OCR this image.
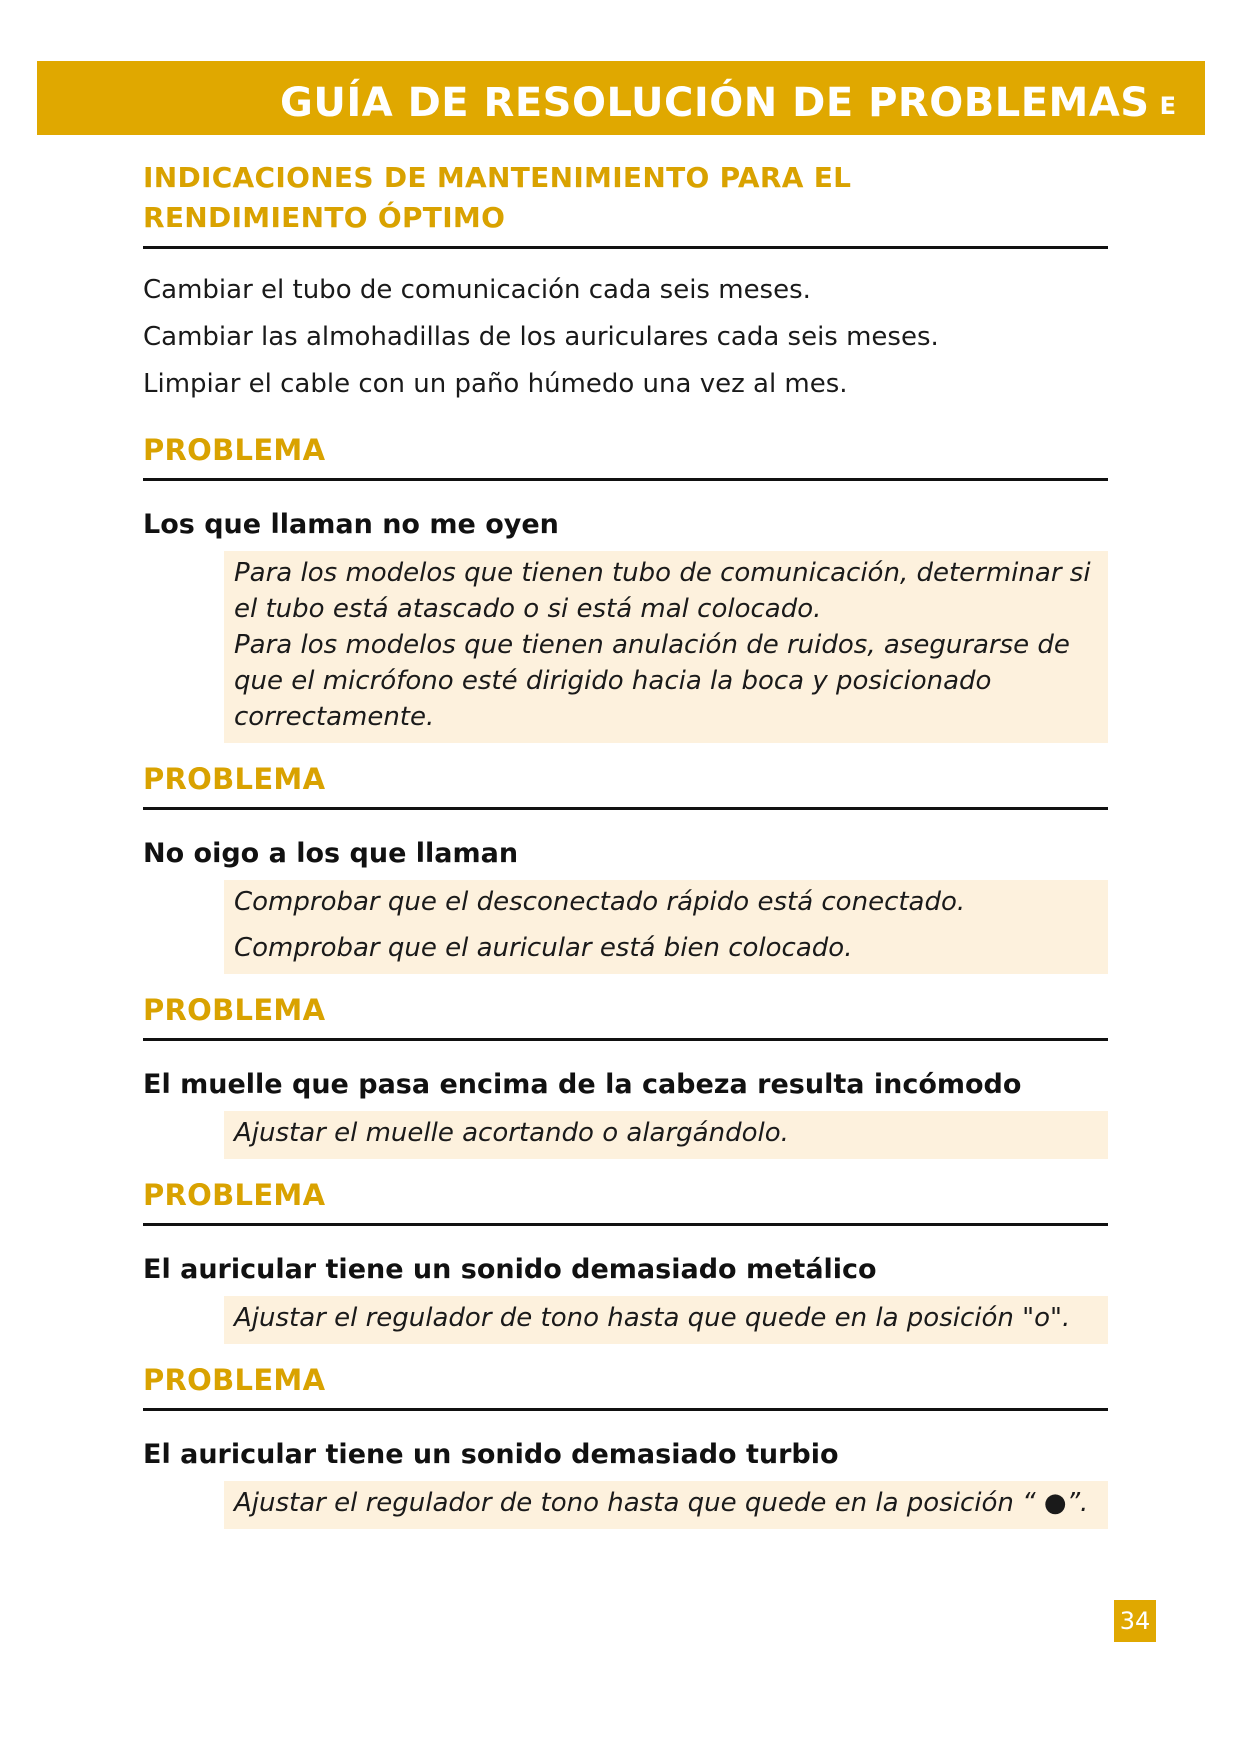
GUÍA DE RESOLUCIÓN DE PROBLEMAS E
INDICACIONES DE MANTENIMIENTO PARA EL
RENDIMIENTO ÓPTIMO
Cambiar el tubo de comunicación cada seis meses.
Cambiar las almohadillas de los auriculares cada seis meses.
Limpiar el cable con un paño húmedo una vez al mes.
PROBLEMA
Los que llaman no me oyen
Para los modelos que tienen tubo de comunicación, determinar si
el tubo está atascado o si está mal colocado.
Para los modelos que tienen anulación de ruidos, asegurarse de
que el micrófono esté dirigido hacia la boca y posicionado
correctamente.
PROBLEMA
No oigo a los que llaman
Comprobar que el desconectado rápido está conectado.
Comprobar que el auricular está bien colocado.
PROBLEMA
El muelle que pasa encima de la cabeza resulta incómodo
Ajustar el muelle acortando o alargándolo.
PROBLEMA
El auricular tiene un sonido demasiado metálico
Ajustar el regulador de tono hasta que quede en la posición "o".
PROBLEMA
El auricular tiene un sonido demasiado turbio
Ajustar el regulador de tono hasta que quede en la posición “ ●”.
34
